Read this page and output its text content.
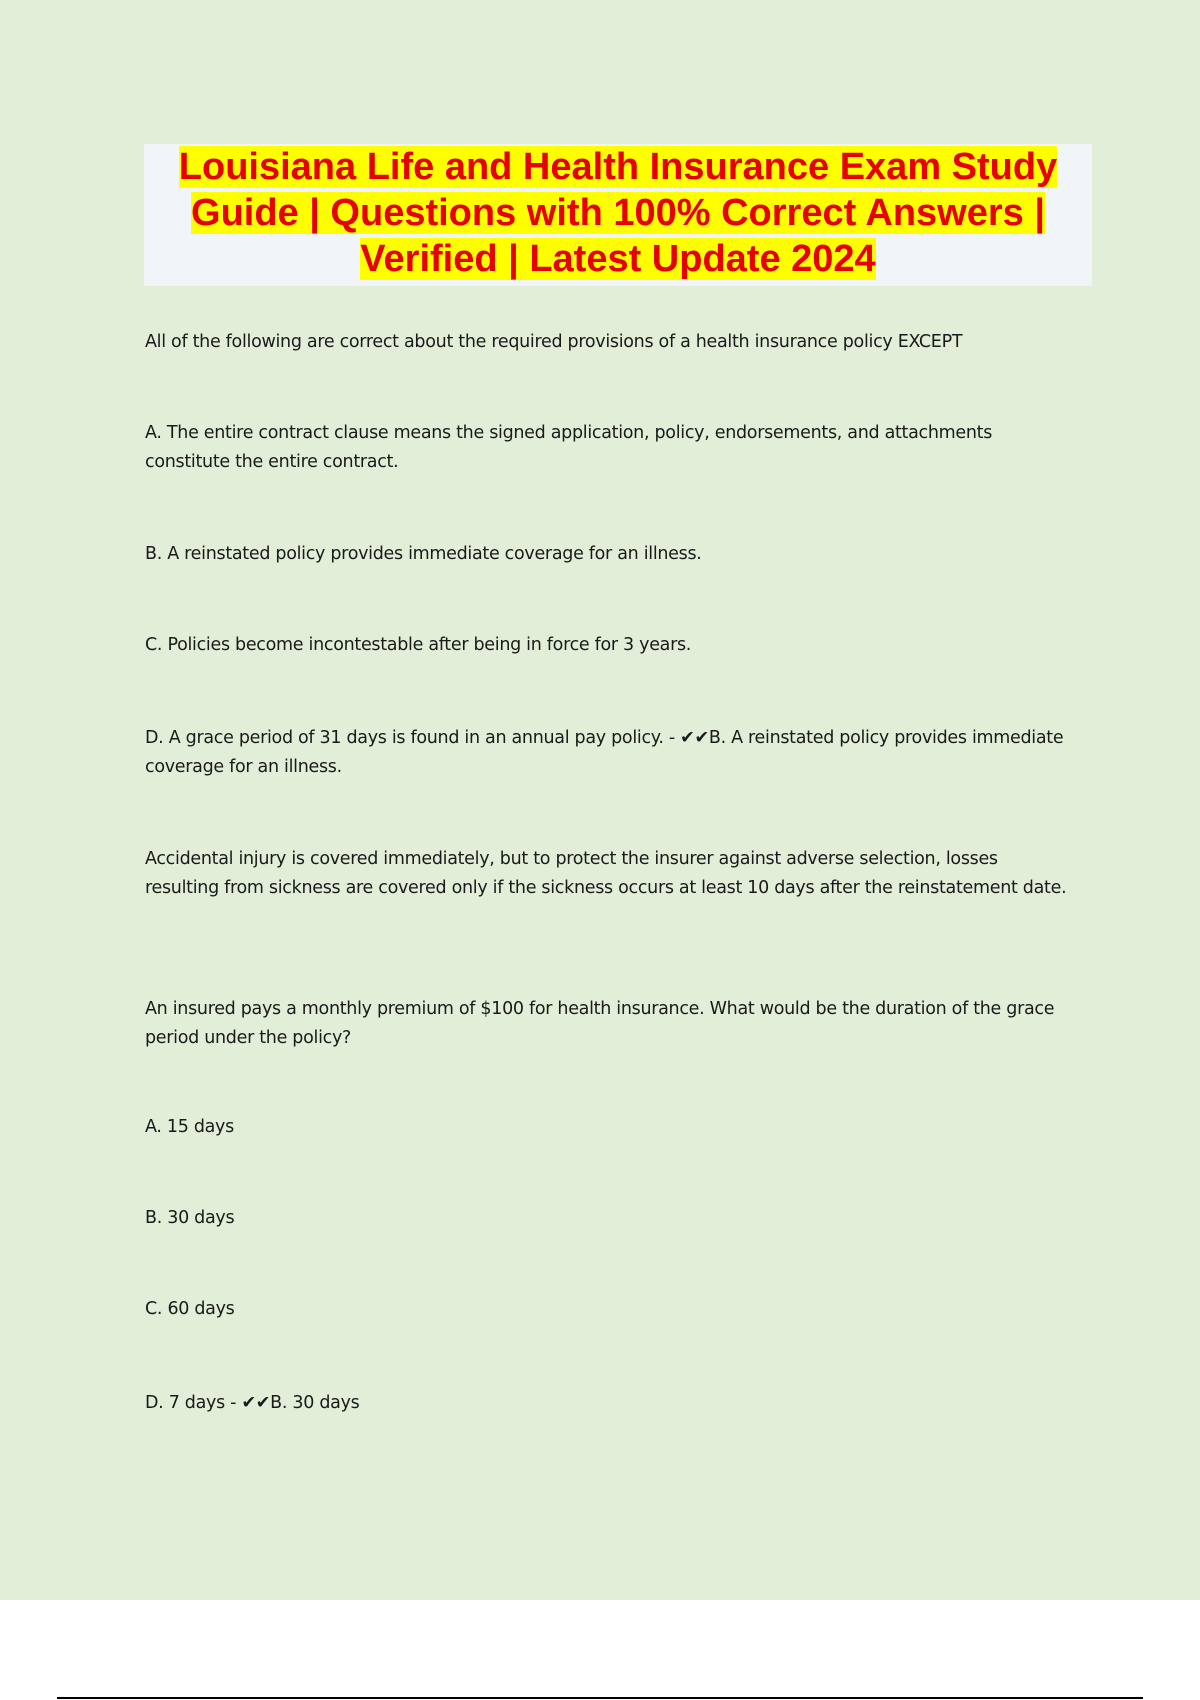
Louisiana Life and Health Insurance Exam Study Guide | Questions with 100% Correct Answers | Verified | Latest Update 2024
All of the following are correct about the required provisions of a health insurance policy EXCEPT
A. The entire contract clause means the signed application, policy, endorsements, and attachments constitute the entire contract.
B. A reinstated policy provides immediate coverage for an illness.
C. Policies become incontestable after being in force for 3 years.
D. A grace period of 31 days is found in an annual pay policy. - ✔✔B. A reinstated policy provides immediate coverage for an illness.
Accidental injury is covered immediately, but to protect the insurer against adverse selection, losses resulting from sickness are covered only if the sickness occurs at least 10 days after the reinstatement date.
An insured pays a monthly premium of $100 for health insurance. What would be the duration of the grace period under the policy?
A. 15 days
B. 30 days
C. 60 days
D. 7 days - ✔✔B. 30 days
